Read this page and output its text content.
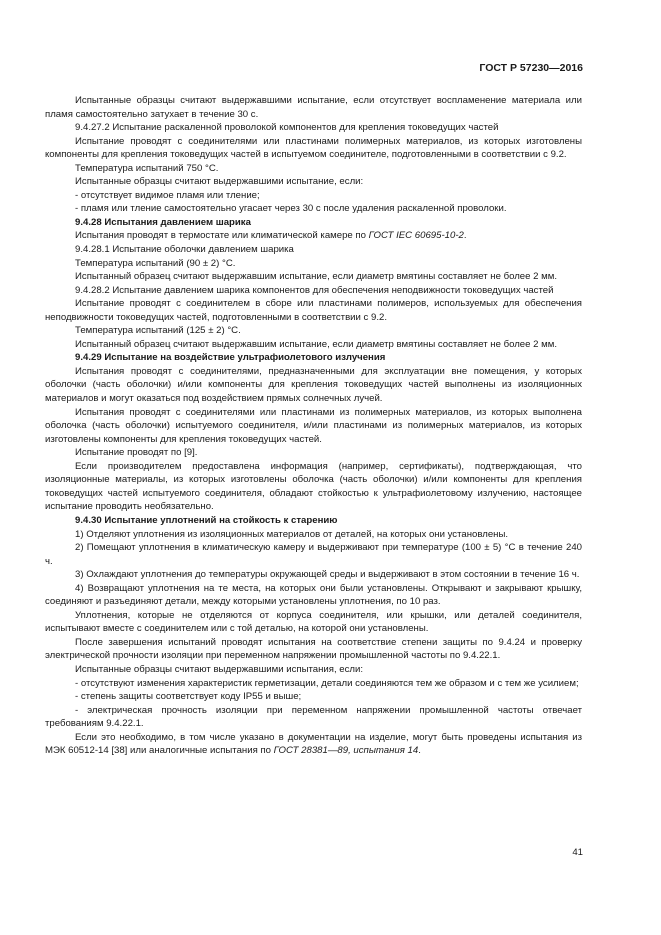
ГОСТ Р 57230—2016

Испытанные образцы считают выдержавшими испытание, если отсутствует воспламенение материала или пламя самостоятельно затухает в течение 30 с.

9.4.27.2 Испытание раскаленной проволокой компонентов для крепления токоведущих частей

Испытание проводят с соединителями или пластинами полимерных материалов, из которых изготовлены компоненты для крепления токоведущих частей в испытуемом соединителе, подготовленными в соответствии с 9.2.

Температура испытаний 750 °С.

Испытанные образцы считают выдержавшими испытание, если:

- отсутствует видимое пламя или тление;

- пламя или тление самостоятельно угасает через 30 с после удаления раскаленной проволоки.

9.4.28 Испытания давлением шарика

Испытания проводят в термостате или климатической камере по ГОСТ IEC 60695-10-2.

9.4.28.1 Испытание оболочки давлением шарика

Температура испытаний (90 ± 2) °С.

Испытанный образец считают выдержавшим испытание, если диаметр вмятины составляет не более 2 мм.

9.4.28.2 Испытание давлением шарика компонентов для обеспечения неподвижности токоведущих частей

Испытание проводят с соединителем в сборе или пластинами полимеров, используемых для обеспечения неподвижности токоведущих частей, подготовленными в соответствии с 9.2.

Температура испытаний (125 ± 2) °С.

Испытанный образец считают выдержавшим испытание, если диаметр вмятины составляет не более 2 мм.

9.4.29 Испытание на воздействие ультрафиолетового излучения

Испытания проводят с соединителями, предназначенными для эксплуатации вне помещения, у которых оболочки (часть оболочки) и/или компоненты для крепления токоведущих частей выполнены из изоляционных материалов и могут оказаться под воздействием прямых солнечных лучей.

Испытания проводят с соединителями или пластинами из полимерных материалов, из которых выполнена оболочка (часть оболочки) испытуемого соединителя, и/или пластинами из полимерных материалов, из которых изготовлены компоненты для крепления токоведущих частей.

Испытание проводят по [9].

Если производителем предоставлена информация (например, сертификаты), подтверждающая, что изоляционные материалы, из которых изготовлены оболочка (часть оболочки) и/или компоненты для крепления токоведущих частей испытуемого соединителя, обладают стойкостью к ультрафиолетовому излучению, настоящее испытание проводить необязательно.

9.4.30 Испытание уплотнений на стойкость к старению

1) Отделяют уплотнения из изоляционных материалов от деталей, на которых они установлены.

2) Помещают уплотнения в климатическую камеру и выдерживают при температуре (100 ± 5) °С в течение 240 ч.

3) Охлаждают уплотнения до температуры окружающей среды и выдерживают в этом состоянии в течение 16 ч.

4) Возвращают уплотнения на те места, на которых они были установлены. Открывают и закрывают крышку, соединяют и разъединяют детали, между которыми установлены уплотнения, по 10 раз.

Уплотнения, которые не отделяются от корпуса соединителя, или крышки, или деталей соединителя, испытывают вместе с соединителем или с той деталью, на которой они установлены.

После завершения испытаний проводят испытания на соответствие степени защиты по 9.4.24 и проверку электрической прочности изоляции при переменном напряжении промышленной частоты по 9.4.22.1.

Испытанные образцы считают выдержавшими испытания, если:

- отсутствуют изменения характеристик герметизации, детали соединяются тем же образом и с тем же усилием;

- степень защиты соответствует коду IP55 и выше;

- электрическая прочность изоляции при переменном напряжении промышленной частоты отвечает требованиям 9.4.22.1.

Если это необходимо, в том числе указано в документации на изделие, могут быть проведены испытания из МЭК 60512-14 [38] или аналогичные испытания по ГОСТ 28381—89, испытания 14.

41
